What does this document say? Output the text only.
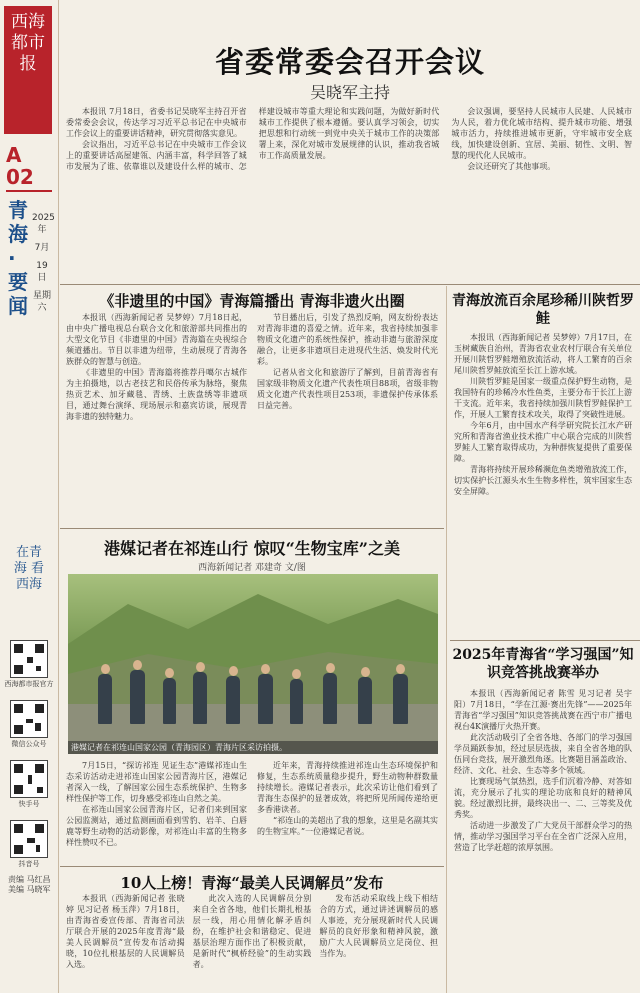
西海都市报
A
02
青海·要闻
2025年
7月
19日
星期六
在青海 看西海
西海都市报官方
微信公众号
快手号
抖音号
责编 马红昌 美编 马晓军
省委常委会召开会议
吴晓军主持

本报讯 7月18日，省委书记吴晓军主持召开省委常委会会议，传达学习习近平总书记在中央城市工作会议上的重要讲话精神，研究贯彻落实意见。

会议指出，习近平总书记在中央城市工作会议上的重要讲话高屋建瓴、内涵丰富，科学回答了城市发展为了谁、依靠谁以及建设什么样的城市、怎样建设城市等重大理论和实践问题，为做好新时代城市工作提供了根本遵循。要认真学习领会，切实把思想和行动统一到党中央关于城市工作的决策部署上来，深化对城市发展规律的认识，推动我省城市工作高质量发展。

会议强调，要坚持人民城市人民建、人民城市为人民，着力优化城市结构、提升城市功能、增强城市活力，持续推进城市更新，守牢城市安全底线，加快建设创新、宜居、美丽、韧性、文明、智慧的现代化人民城市。

会议还研究了其他事项。

《非遗里的中国》青海篇播出 青海非遗火出圈

本报讯（西海新闻记者 吴梦婷）7月18日起，由中央广播电视总台联合文化和旅游部共同推出的大型文化节目《非遗里的中国》青海篇在央视综合频道播出。节目以非遗为纽带，生动展现了青海各族群众的智慧与创造。

《非遗里的中国》青海篇将推荐丹噶尔古城作为主拍摄地，以古老技艺和民俗传承为脉络，聚焦热贡艺术、加牙藏毯、青绣、土族盘绣等非遗项目，通过舞台演绎、现场展示和嘉宾访谈，展现青海非遗的独特魅力。

节目播出后，引发了热烈反响，网友纷纷表达对青海非遗的喜爱之情。近年来，我省持续加强非物质文化遗产的系统性保护，推动非遗与旅游深度融合，让更多非遗项目走进现代生活、焕发时代光彩。

记者从省文化和旅游厅了解到，目前青海省有国家级非物质文化遗产代表性项目88项，省级非物质文化遗产代表性项目253项，非遗保护传承体系日益完善。

港媒记者在祁连山行 惊叹“生物宝库”之美
西海新闻记者 邓建奇 文/图
港媒记者在祁连山国家公园（青海园区）青海片区采访拍摄。

7月15日，“探访祁连 见证生态”港媒祁连山生态采访活动走进祁连山国家公园青海片区，港媒记者深入一线，了解国家公园生态系统保护、生物多样性保护等工作，切身感受祁连山自然之美。

在祁连山国家公园青海片区，记者们来到国家公园监测站，通过监测画面看到雪豹、岩羊、白唇鹿等野生动物的活动影像，对祁连山丰富的生物多样性赞叹不已。

近年来，青海持续推进祁连山生态环境保护和修复，生态系统质量稳步提升，野生动物种群数量持续增长。港媒记者表示，此次采访让他们看到了青海生态保护的显著成效，将把所见所闻传递给更多香港读者。

“祁连山的美超出了我的想象，这里是名副其实的生物宝库。”一位港媒记者说。

10人上榜！青海“最美人民调解员”发布

本报讯（西海新闻记者 张晓婷 见习记者 杨玉萍）7月18日，由青海省委宣传部、青海省司法厅联合开展的2025年度青海“最美人民调解员”宣传发布活动揭晓，10位扎根基层的人民调解员入选。

此次入选的人民调解员分别来自全省各地，他们长期扎根基层一线，用心用情化解矛盾纠纷，在维护社会和谐稳定、促进基层治理方面作出了积极贡献，是新时代“枫桥经验”的生动实践者。

发布活动采取线上线下相结合的方式，通过讲述调解员的感人事迹，充分展现新时代人民调解员的良好形象和精神风貌，激励广大人民调解员立足岗位、担当作为。

青海放流百余尾珍稀川陕哲罗鲑

本报讯（西海新闻记者 吴梦婷）7月17日，在玉树藏族自治州，青海省农业农村厅联合有关单位开展川陕哲罗鲑增殖放流活动，将人工繁育的百余尾川陕哲罗鲑放流至长江上游水域。

川陕哲罗鲑是国家一级重点保护野生动物，是我国特有的珍稀冷水性鱼类，主要分布于长江上游干支流。近年来，我省持续加强川陕哲罗鲑保护工作，开展人工繁育技术攻关，取得了突破性进展。

今年6月，由中国水产科学研究院长江水产研究所和青海省渔业技术推广中心联合完成的川陕哲罗鲑人工繁育取得成功，为种群恢复提供了重要保障。

青海将持续开展珍稀濒危鱼类增殖放流工作，切实保护长江源头水生生物多样性，筑牢国家生态安全屏障。

2025年青海省“学习强国”知识竞答挑战赛举办

本报讯（西海新闻记者 陈雪 见习记者 吴宇阳）7月18日，“学在江源·赛出先锋”——2025年青海省“学习强国”知识竞答挑战赛在西宁市广播电视台4K演播厅火热开赛。

此次活动吸引了全省各地、各部门的学习强国学员踊跃参加，经过层层选拔，来自全省各地的队伍同台竞技，展开激烈角逐。比赛题目涵盖政治、经济、文化、社会、生态等多个领域。

比赛现场气氛热烈，选手们沉着冷静、对答如流，充分展示了扎实的理论功底和良好的精神风貌。经过激烈比拼，最终决出一、二、三等奖及优秀奖。

活动进一步激发了广大党员干部群众学习的热情，推动学习强国学习平台在全省广泛深入应用，营造了比学赶超的浓厚氛围。
